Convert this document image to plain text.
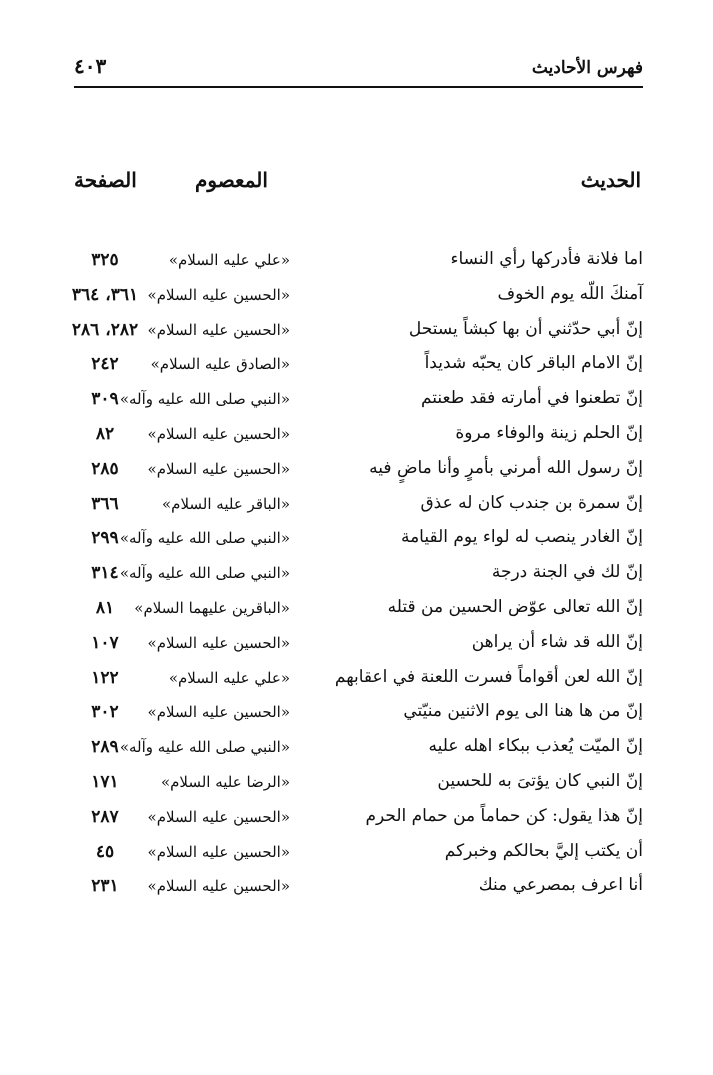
فهرس الأحاديث
٤٠٣
الحديث
المعصوم
الصفحة
اما فلانة فأدركها رأي النساء
«علي عليه السلام»
٣٢٥
آمنكَ اللّه يوم الخوف
«الحسين عليه السلام»
٣٦١، ٣٦٤
إنّ أبي حدّثني أن بها كبشاً يستحل
«الحسين عليه السلام»
٢٨٢، ٢٨٦
إنّ الامام الباقر كان يحبّه شديداً
«الصادق عليه السلام»
٢٤٢
إنّ تطعنوا في أمارته فقد طعنتم
«النبي صلى الله عليه وآله»
٣٠٩
إنّ الحلم زينة والوفاء مروة
«الحسين عليه السلام»
٨٢
إنّ رسول الله أمرني بأمرٍ وأنا ماضٍ فيه
«الحسين عليه السلام»
٢٨٥
إنّ سمرة بن جندب كان له عذق
«الباقر عليه السلام»
٣٦٦
إنّ الغادر ينصب له لواء يوم القيامة
«النبي صلى الله عليه وآله»
٢٩٩
إنّ لك في الجنة درجة
«النبي صلى الله عليه وآله»
٣١٤
إنّ الله تعالى عوّض الحسين من قتله
«الباقرين عليهما السلام»
٨١
إنّ الله قد شاء أن يراهن
«الحسين عليه السلام»
١٠٧
إنّ الله لعن أقواماً فسرت اللعنة في اعقابهم
«علي عليه السلام»
١٢٢
إنّ من ها هنا الى يوم الاثنين منيّتي
«الحسين عليه السلام»
٣٠٢
إنّ الميّت يُعذب ببكاء اهله عليه
«النبي صلى الله عليه وآله»
٢٨٩
إنّ النبي كان يؤتىَ به للحسين
«الرضا عليه السلام»
١٧١
إنّ هذا يقول: كن حماماً من حمام الحرم
«الحسين عليه السلام»
٢٨٧
أن يكتب إليَّ بحالكم وخبركم
«الحسين عليه السلام»
٤٥
أنا اعرف بمصرعي منك
«الحسين عليه السلام»
٢٣١
